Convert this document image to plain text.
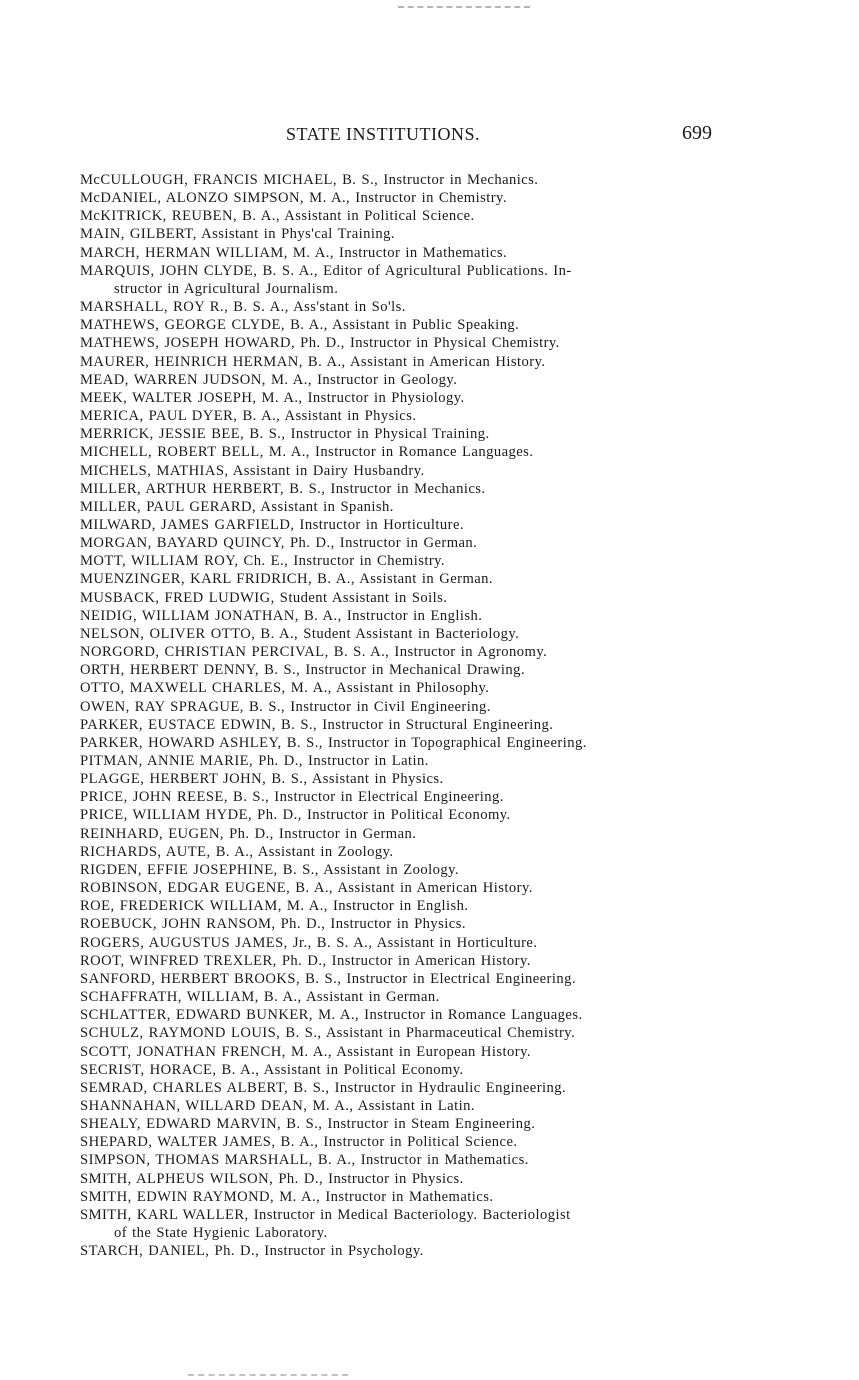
STATE INSTITUTIONS.	699
McCULLOUGH, FRANCIS MICHAEL, B. S., Instructor in Mechanics.
McDANIEL, ALONZO SIMPSON, M. A., Instructor in Chemistry.
McKITRICK, REUBEN, B. A., Assistant in Political Science.
MAIN, GILBERT, Assistant in Phys'cal Training.
MARCH, HERMAN WILLIAM, M. A., Instructor in Mathematics.
MARQUIS, JOHN CLYDE, B. S. A., Editor of Agricultural Publications. In-
structor in Agricultural Journalism.
MARSHALL, ROY R., B. S. A., Ass'stant in So'ls.
MATHEWS, GEORGE CLYDE, B. A., Assistant in Public Speaking.
MATHEWS, JOSEPH HOWARD, Ph. D., Instructor in Physical Chemistry.
MAURER, HEINRICH HERMAN, B. A., Assistant in American History.
MEAD, WARREN JUDSON, M. A., Instructor in Geology.
MEEK, WALTER JOSEPH, M. A., Instructor in Physiology.
MERICA, PAUL DYER, B. A., Assistant in Physics.
MERRICK, JESSIE BEE, B. S., Instructor in Physical Training.
MICHELL, ROBERT BELL, M. A., Instructor in Romance Languages.
MICHELS, MATHIAS, Assistant in Dairy Husbandry.
MILLER, ARTHUR HERBERT, B. S., Instructor in Mechanics.
MILLER, PAUL GERARD, Assistant in Spanish.
MILWARD, JAMES GARFIELD, Instructor in Horticulture.
MORGAN, BAYARD QUINCY, Ph. D., Instructor in German.
MOTT, WILLIAM ROY, Ch. E., Instructor in Chemistry.
MUENZINGER, KARL FRIDRICH, B. A., Assistant in German.
MUSBACK, FRED LUDWIG, Student Assistant in Soils.
NEIDIG, WILLIAM JONATHAN, B. A., Instructor in English.
NELSON, OLIVER OTTO, B. A., Student Assistant in Bacteriology.
NORGORD, CHRISTIAN PERCIVAL, B. S. A., Instructor in Agronomy.
ORTH, HERBERT DENNY, B. S., Instructor in Mechanical Drawing.
OTTO, MAXWELL CHARLES, M. A., Assistant in Philosophy.
OWEN, RAY SPRAGUE, B. S., Instructor in Civil Engineering.
PARKER, EUSTACE EDWIN, B. S., Instructor in Structural Engineering.
PARKER, HOWARD ASHLEY, B. S., Instructor in Topographical Engineering.
PITMAN, ANNIE MARIE, Ph. D., Instructor in Latin.
PLAGGE, HERBERT JOHN, B. S., Assistant in Physics.
PRICE, JOHN REESE, B. S., Instructor in Electrical Engineering.
PRICE, WILLIAM HYDE, Ph. D., Instructor in Political Economy.
REINHARD, EUGEN, Ph. D., Instructor in German.
RICHARDS, AUTE, B. A., Assistant in Zoology.
RIGDEN, EFFIE JOSEPHINE, B. S., Assistant in Zoology.
ROBINSON, EDGAR EUGENE, B. A., Assistant in American History.
ROE, FREDERICK WILLIAM, M. A., Instructor in English.
ROEBUCK, JOHN RANSOM, Ph. D., Instructor in Physics.
ROGERS, AUGUSTUS JAMES, Jr., B. S. A., Assistant in Horticulture.
ROOT, WINFRED TREXLER, Ph. D., Instructor in American History.
SANFORD, HERBERT BROOKS, B. S., Instructor in Electrical Engineering.
SCHAFFRATH, WILLIAM, B. A., Assistant in German.
SCHLATTER, EDWARD BUNKER, M. A., Instructor in Romance Languages.
SCHULZ, RAYMOND LOUIS, B. S., Assistant in Pharmaceutical Chemistry.
SCOTT, JONATHAN FRENCH, M. A., Assistant in European History.
SECRIST, HORACE, B. A., Assistant in Political Economy.
SEMRAD, CHARLES ALBERT, B. S., Instructor in Hydraulic Engineering.
SHANNAHAN, WILLARD DEAN, M. A., Assistant in Latin.
SHEALY, EDWARD MARVIN, B. S., Instructor in Steam Engineering.
SHEPARD, WALTER JAMES, B. A., Instructor in Political Science.
SIMPSON, THOMAS MARSHALL, B. A., Instructor in Mathematics.
SMITH, ALPHEUS WILSON, Ph. D., Instructor in Physics.
SMITH, EDWIN RAYMOND, M. A., Instructor in Mathematics.
SMITH, KARL WALLER, Instructor in Medical Bacteriology. Bacteriologist
of the State Hygienic Laboratory.
STARCH, DANIEL, Ph. D., Instructor in Psychology.
